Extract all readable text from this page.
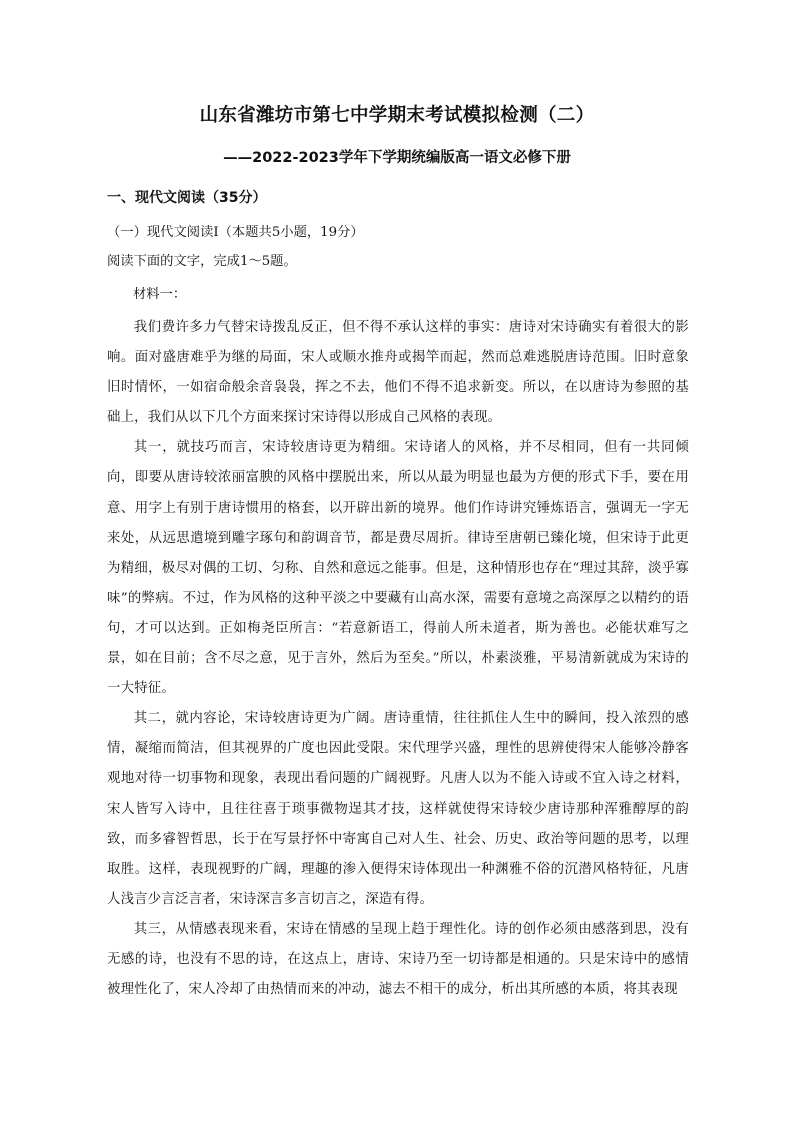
山东省潍坊市第七中学期末考试模拟检测（二）
——2022-2023学年下学期统编版高一语文必修下册
一、现代文阅读（35分）
（一）现代文阅读Ⅰ（本题共5小题，19分）
阅读下面的文字，完成1～5题。
材料一：

我们费许多力气替宋诗拨乱反正，但不得不承认这样的事实：唐诗对宋诗确实有着很大的影响。面对盛唐难乎为继的局面，宋人或顺水推舟或揭竿而起，然而总难逃脱唐诗范围。旧时意象旧时情怀，一如宿命般余音袅袅，挥之不去，他们不得不追求新变。所以，在以唐诗为参照的基础上，我们从以下几个方面来探讨宋诗得以形成自己风格的表现。

其一，就技巧而言，宋诗较唐诗更为精细。宋诗诸人的风格，并不尽相同，但有一共同倾向，即要从唐诗较浓丽富腴的风格中摆脱出来，所以从最为明显也最为方便的形式下手，要在用意、用字上有别于唐诗惯用的格套，以开辟出新的境界。他们作诗讲究锤炼语言，强调无一字无来处，从远思遣境到雕字琢句和韵调音节，都是费尽周折。律诗至唐朝已臻化境，但宋诗于此更为精细，极尽对偶的工切、匀称、自然和意远之能事。但是，这种情形也存在“理过其辞，淡乎寡味”的弊病。不过，作为风格的这种平淡之中要藏有山高水深，需要有意境之高深厚之以精约的语句，才可以达到。正如梅尧臣所言：“若意新语工，得前人所未道者，斯为善也。必能状难写之景，如在目前；含不尽之意，见于言外，然后为至矣。”所以，朴素淡雅，平易清新就成为宋诗的一大特征。

其二，就内容论，宋诗较唐诗更为广阔。唐诗重情，往往抓住人生中的瞬间，投入浓烈的感情，凝缩而简洁，但其视界的广度也因此受限。宋代理学兴盛，理性的思辨使得宋人能够冷静客观地对待一切事物和现象，表现出看问题的广阔视野。凡唐人以为不能入诗或不宜入诗之材料，宋人皆写入诗中，且往往喜于琐事微物逞其才技，这样就使得宋诗较少唐诗那种浑雅醇厚的韵致，而多睿智哲思，长于在写景抒怀中寄寓自己对人生、社会、历史、政治等问题的思考，以理取胜。这样，表现视野的广阔，理趣的渗入便得宋诗体现出一种渊雅不俗的沉潜风格特征，凡唐人浅言少言泛言者，宋诗深言多言切言之，深造有得。

其三，从情感表现来看，宋诗在情感的呈现上趋于理性化。诗的创作必须由感落到思，没有无感的诗，也没有不思的诗，在这点上，唐诗、宋诗乃至一切诗都是相通的。只是宋诗中的感情被理性化了，宋人冷却了由热情而来的冲动，滤去不相干的成分，析出其所感的本质，将其表现
